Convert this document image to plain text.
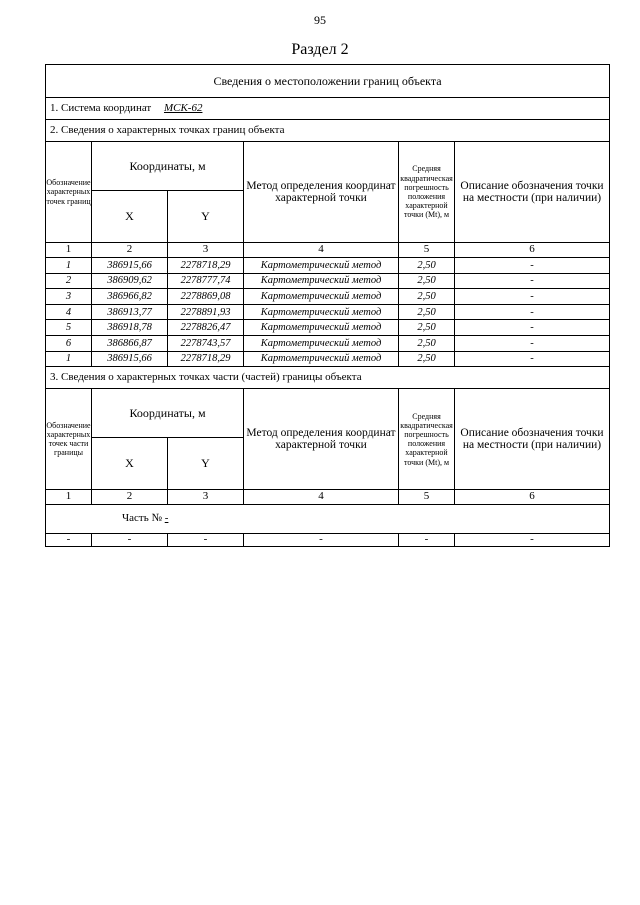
95
Раздел 2
Сведения о местоположении границ объекта					
1. Система координат МСК-62					
2. Сведения о характерных точках границ объекта					
Обозначение характерных точек границ	Координаты, м		Метод определения координат характерной точки	Средняя квадратическая погрешность положения характерной точки (Mt), м	Описание обозначения точки на местности (при наличии)
	X	Y			
1	2	3	4	5	6
1	386915,66	2278718,29	Картометрический метод	2,50	-
2	386909,62	2278777,74	Картометрический метод	2,50	-
3	386966,82	2278869,08	Картометрический метод	2,50	-
4	386913,77	2278891,93	Картометрический метод	2,50	-
5	386918,78	2278826,47	Картометрический метод	2,50	-
6	386866,87	2278743,57	Картометрический метод	2,50	-
1	386915,66	2278718,29	Картометрический метод	2,50	-
3. Сведения о характерных точках части (частей) границы объекта					
Обозначение характерных точек части границы	Координаты, м		Метод определения координат характерной точки	Средняя квадратическая погрешность положения характерной точки (Mt), м	Описание обозначения точки на местности (при наличии)
	X	Y			
1	2	3	4	5	6
Часть № -					
-	-	-	-	-	-
